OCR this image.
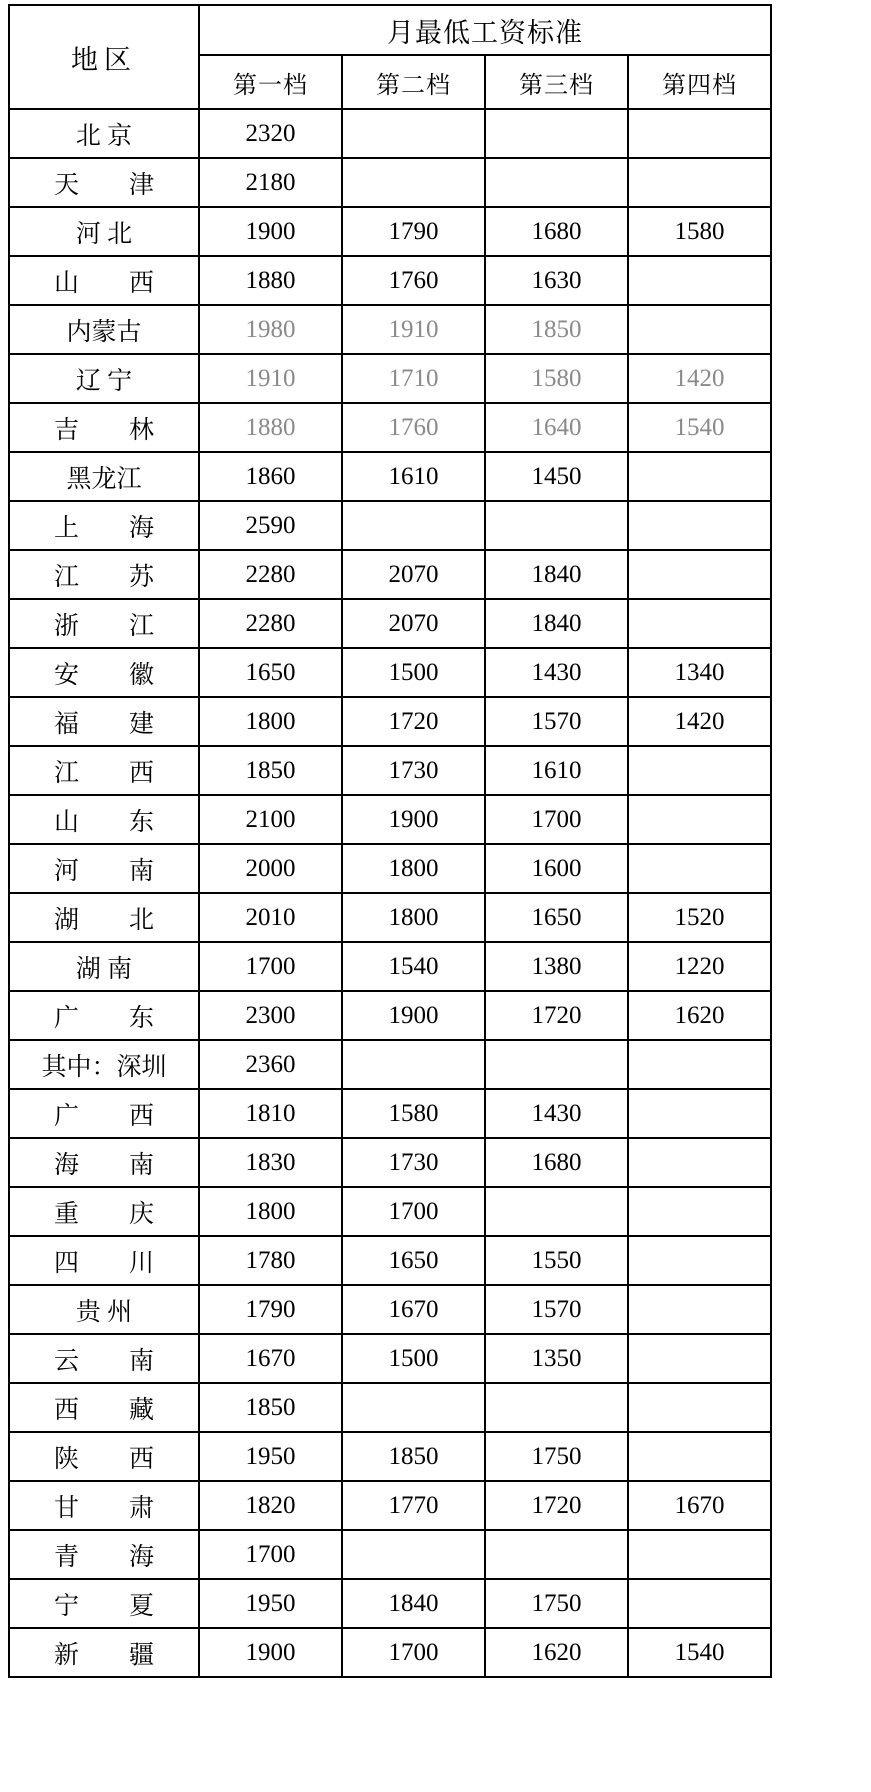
地区	月最低工资标准			
	第一档	第二档	第三档	第四档
北 京	2320			
天　　津	2180			
河 北	1900	1790	1680	1580
山　　西	1880	1760	1630	
内蒙古	1980	1910	1850	
辽 宁	1910	1710	1580	1420
吉　　林	1880	1760	1640	1540
黑龙江	1860	1610	1450	
上　　海	2590			
江　　苏	2280	2070	1840	
浙　　江	2280	2070	1840	
安　　徽	1650	1500	1430	1340
福　　建	1800	1720	1570	1420
江　　西	1850	1730	1610	
山　　东	2100	1900	1700	
河　　南	2000	1800	1600	
湖　　北	2010	1800	1650	1520
湖 南	1700	1540	1380	1220
广　　东	2300	1900	1720	1620
其中：深圳	2360			
广　　西	1810	1580	1430	
海　　南	1830	1730	1680	
重　　庆	1800	1700		
四　　川	1780	1650	1550	
贵 州	1790	1670	1570	
云　　南	1670	1500	1350	
西　　藏	1850			
陕　　西	1950	1850	1750	
甘　　肃	1820	1770	1720	1670
青　　海	1700			
宁　　夏	1950	1840	1750	
新　　疆	1900	1700	1620	1540
